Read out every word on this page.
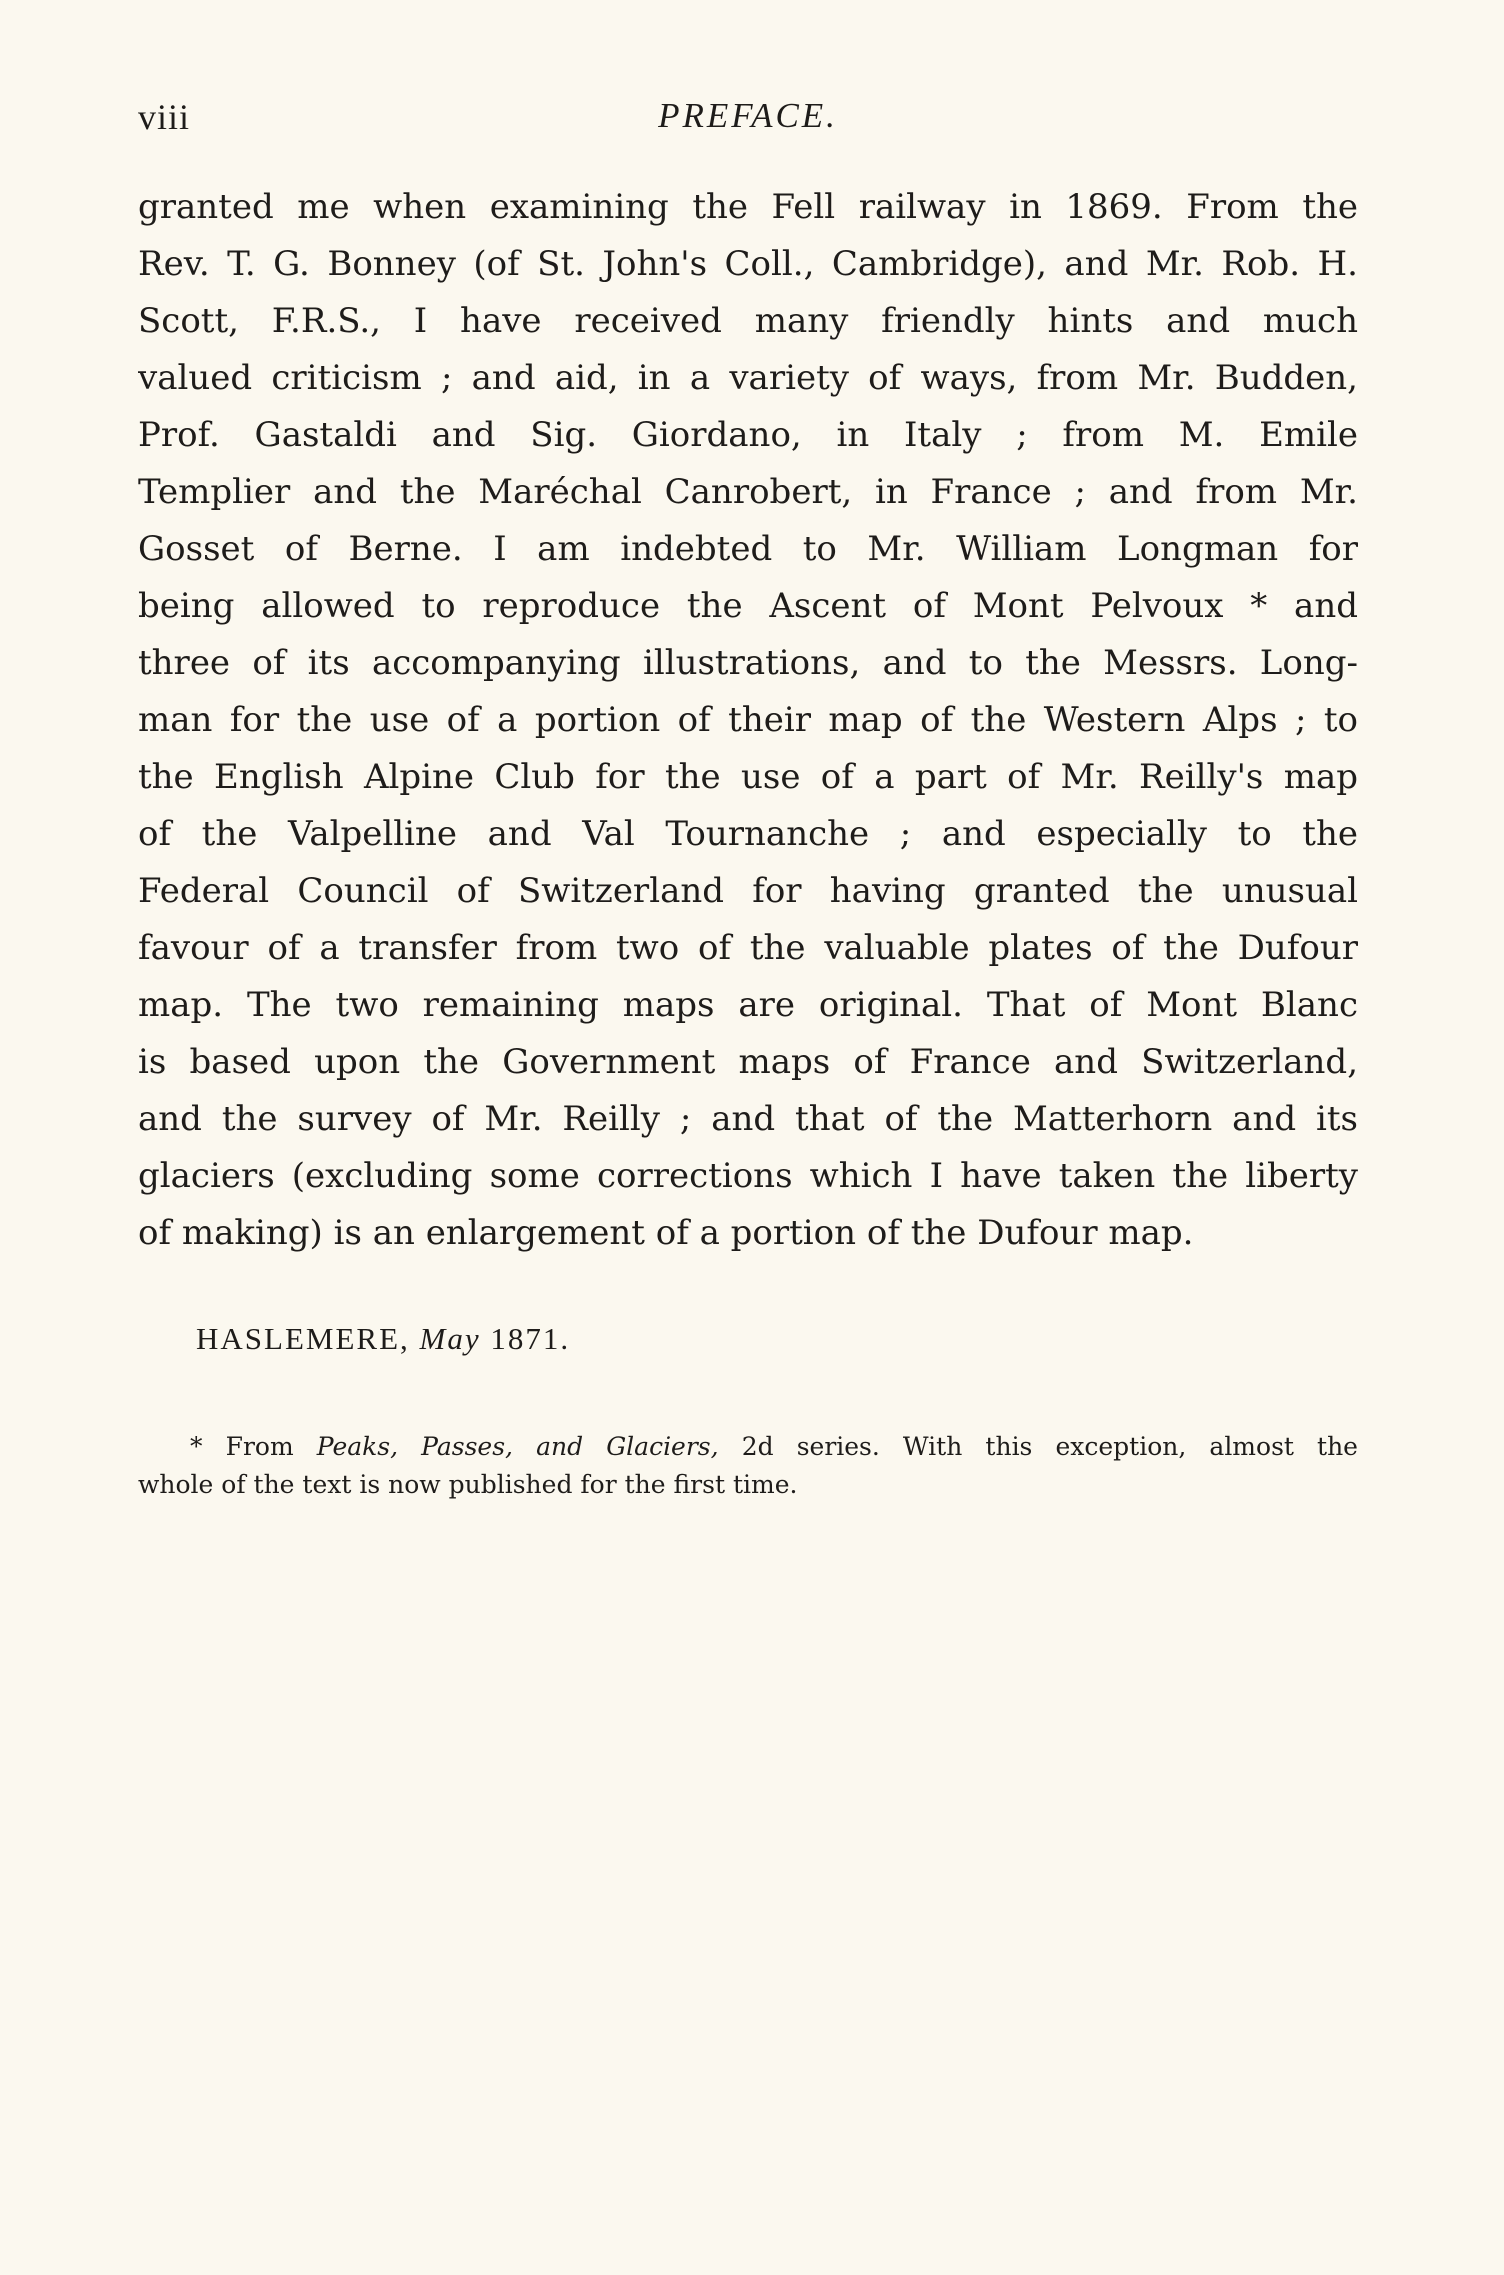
viii	PREFACE.
granted me when examining the Fell railway in 1869. From the
Rev. T. G. Bonney (of St. John's Coll., Cambridge), and Mr. Rob. H.
Scott, F.R.S., I have received many friendly hints and much
valued criticism ; and aid, in a variety of ways, from Mr. Budden,
Prof. Gastaldi and Sig. Giordano, in Italy ; from M. Emile
Templier and the Maréchal Canrobert, in France ; and from Mr.
Gosset of Berne. I am indebted to Mr. William Longman for
being allowed to reproduce the Ascent of Mont Pelvoux * and
three of its accompanying illustrations, and to the Messrs. Long-
man for the use of a portion of their map of the Western Alps ; to
the English Alpine Club for the use of a part of Mr. Reilly's map
of the Valpelline and Val Tournanche ; and especially to the
Federal Council of Switzerland for having granted the unusual
favour of a transfer from two of the valuable plates of the Dufour
map. The two remaining maps are original. That of Mont Blanc
is based upon the Government maps of France and Switzerland,
and the survey of Mr. Reilly ; and that of the Matterhorn and its
glaciers (excluding some corrections which I have taken the liberty
of making) is an enlargement of a portion of the Dufour map.
HASLEMERE, May 1871.
* From Peaks, Passes, and Glaciers, 2d series. With this exception, almost the
whole of the text is now published for the first time.
